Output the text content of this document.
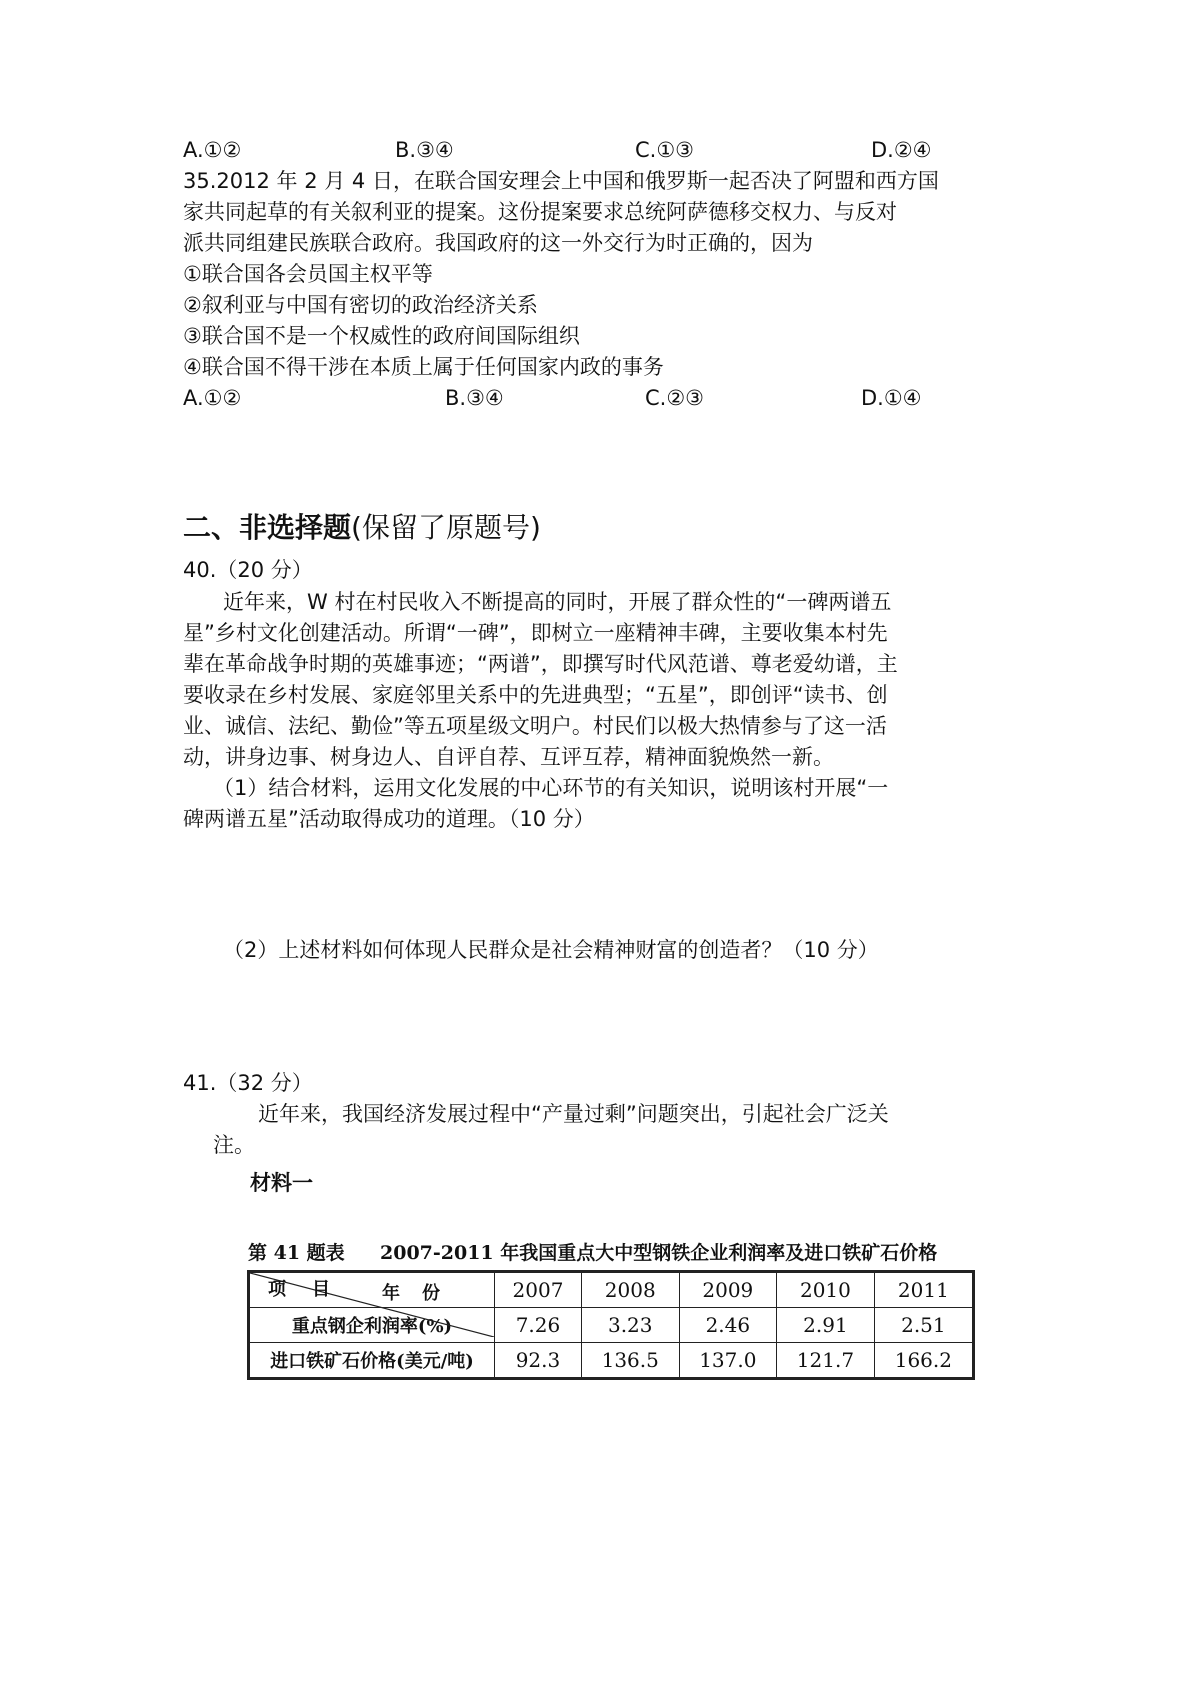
A.①②	B.③④	C.①③	D.②④
35.2012 年 2 月 4 日，在联合国安理会上中国和俄罗斯一起否决了阿盟和西方国
家共同起草的有关叙利亚的提案。这份提案要求总统阿萨德移交权力、与反对
派共同组建民族联合政府。我国政府的这一外交行为时正确的，因为
①联合国各会员国主权平等
②叙利亚与中国有密切的政治经济关系
③联合国不是一个权威性的政府间国际组织
④联合国不得干涉在本质上属于任何国家内政的事务
A.①②	B.③④	C.②③	D.①④
二、非选择题(保留了原题号)
40.（20 分）
近年来，W 村在村民收入不断提高的同时，开展了群众性的“一碑两谱五
星”乡村文化创建活动。所谓“一碑”，即树立一座精神丰碑，主要收集本村先
辈在革命战争时期的英雄事迹；“两谱”，即撰写时代风范谱、尊老爱幼谱，主
要收录在乡村发展、家庭邻里关系中的先进典型；“五星”，即创评“读书、创
业、诚信、法纪、勤俭”等五项星级文明户。村民们以极大热情参与了这一活
动，讲身边事、树身边人、自评自荐、互评互荐，精神面貌焕然一新。
（1）结合材料，运用文化发展的中心环节的有关知识，说明该村开展“一
碑两谱五星”活动取得成功的道理。（10 分）
（2）上述材料如何体现人民群众是社会精神财富的创造者？（10 分）
41.（32 分）
近年来，我国经济发展过程中“产量过剩”问题突出，引起社会广泛关
注。
材料一
第 41 题表 2007-2011 年我国重点大中型钢铁企业利润率及进口铁矿石价格
年份
项目	2007	2008	2009	2010	2011
重点钢企利润率(%)	7.26	3.23	2.46	2.91	2.51
进口铁矿石价格(美元/吨)	92.3	136.5	137.0	121.7	166.2
